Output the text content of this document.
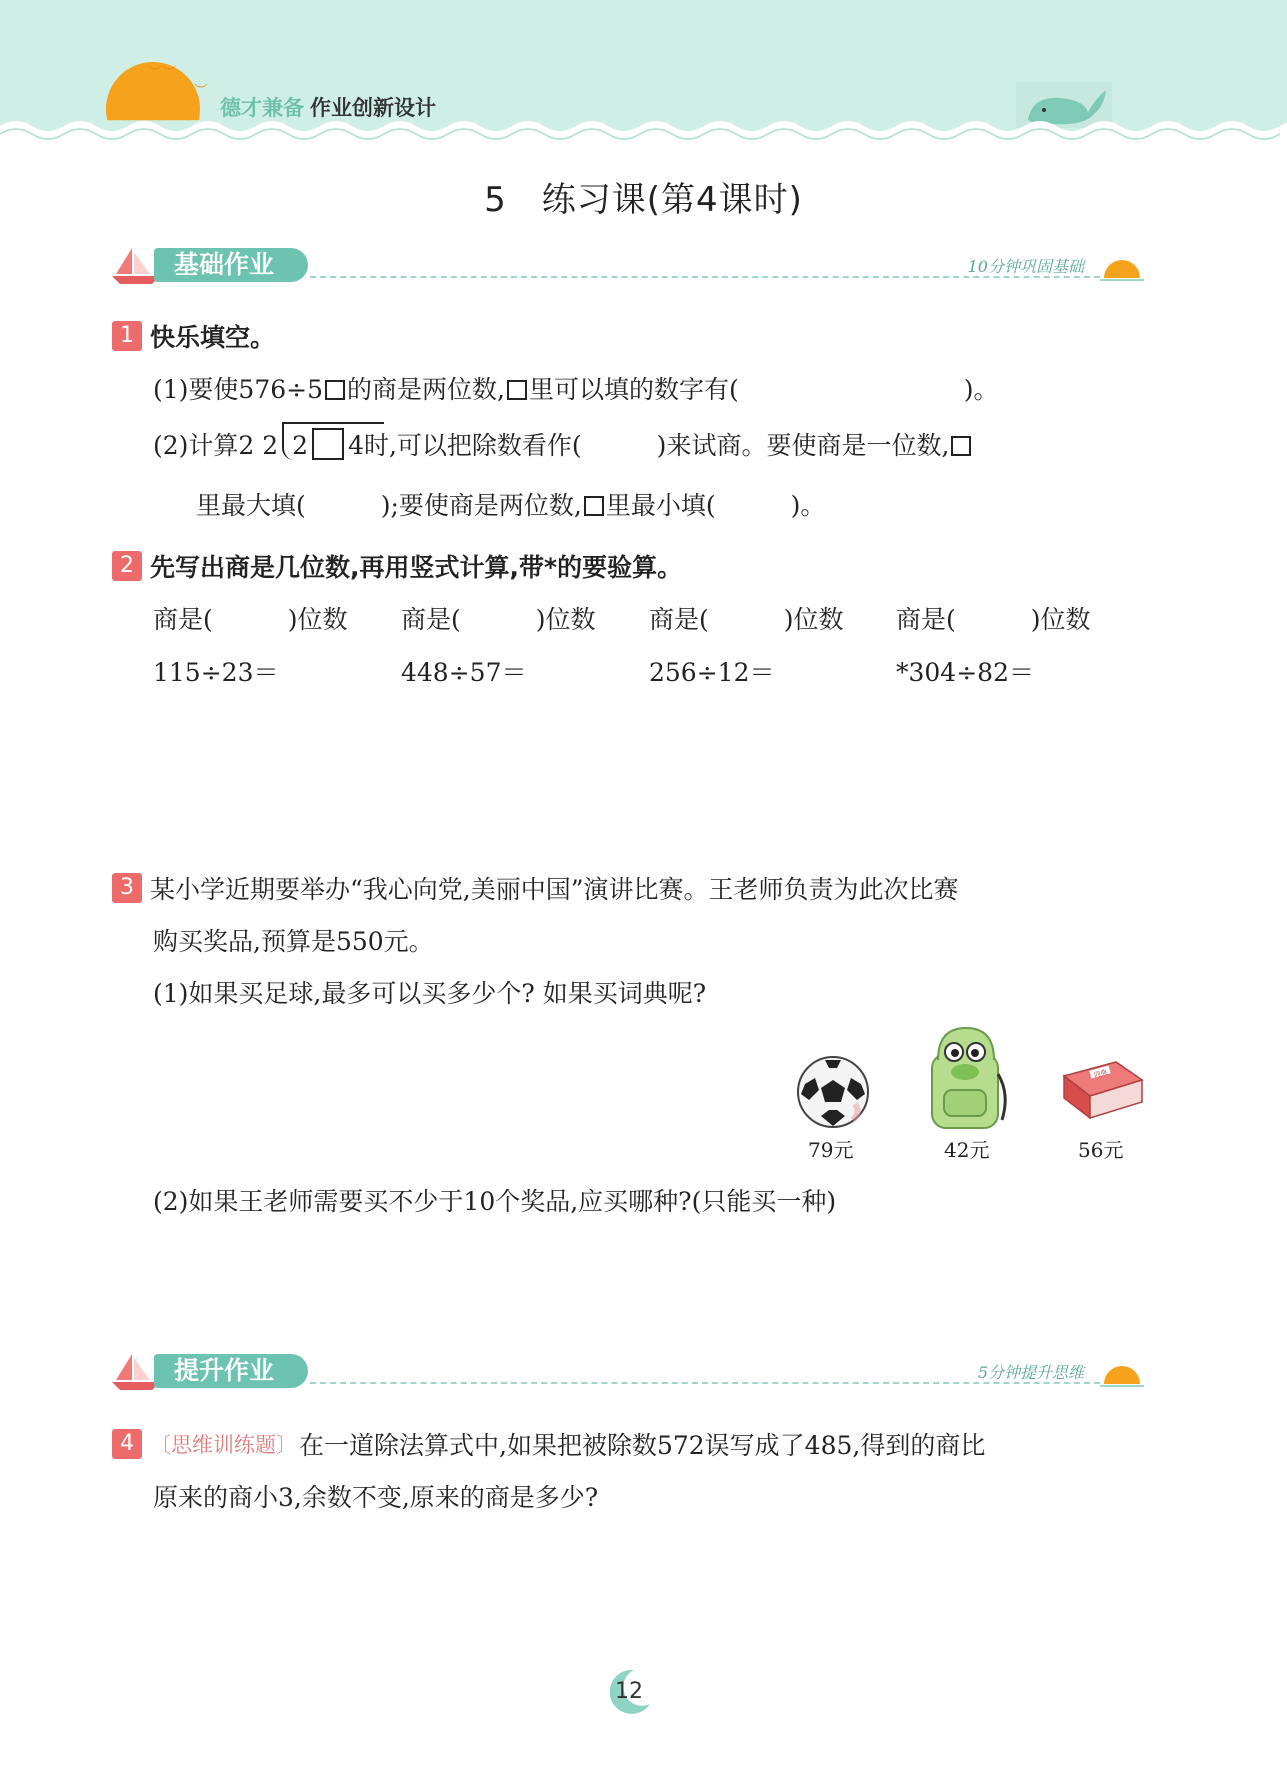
︶︶
︶
德才兼备 作业创新设计
5　练习课(第4课时)
基础作业	10分钟巩固基础
1 快乐填空。
(1)要使576÷5 的商是两位数, 里可以填的数字有(　　　　　　　　　)。
(2)计算2 2 2 4时,可以把除数看作(　　　)来试商。要使商是一位数,
里最大填(　　　);要使商是两位数, 里最小填(　　　)。
2 先写出商是几位数,再用竖式计算,带*的要验算。
商是(　　　)位数 商是(　　　)位数 商是(　　　)位数 商是(　　　)位数
115÷23＝	448÷57＝	256÷12＝	*304÷82＝
3 某小学近期要举办“我心向党,美丽中国”演讲比赛。王老师负责为此次比赛
购买奖品,预算是550元。
(1)如果买足球,最多可以买多少个? 如果买词典呢?
词典
79元	42元	56元
(2)如果王老师需要买不少于10个奖品,应买哪种?(只能买一种)
提升作业	5分钟提升思维
4 〔思维训练题〕在一道除法算式中,如果把被除数572误写成了485,得到的商比
原来的商小3,余数不变,原来的商是多少?
12
